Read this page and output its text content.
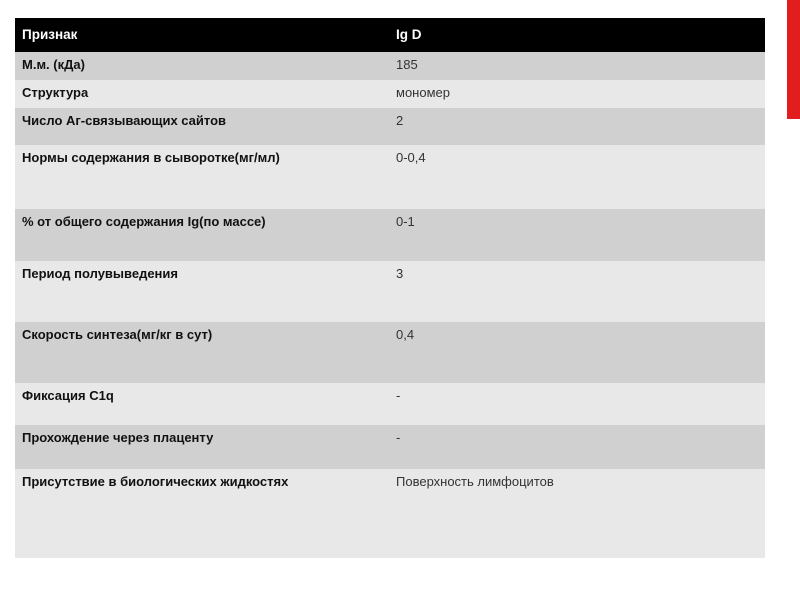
Признак	Ig D
М.м. (кДа)	185
Структура	мономер
Число Аг-связывающих сайтов	2
Нормы содержания в сыворотке(мг/мл)	0-0,4
% от общего содержания Ig(по массе)	0-1
Период полувыведения	3
Скорость синтеза(мг/кг в сут)	0,4
Фиксация С1q	-
Прохождение через плаценту	-
Присутствие в биологических жидкостях	Поверхность лимфоцитов
